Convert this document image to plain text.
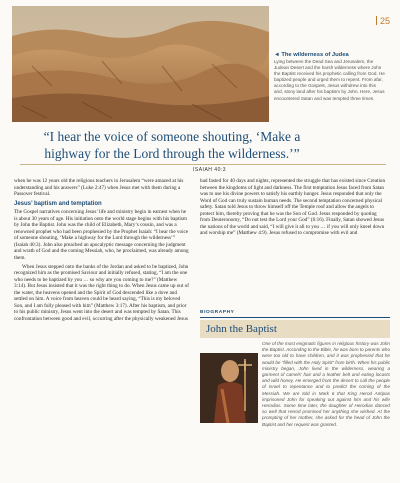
25
◄ The wilderness of Judea
Lying between the Dead Sea and Jerusalem, the Judean Desert and the harsh wilderness where John the Baptist received his prophetic calling from God. He baptized people and urged them to repent. From afar, according to the Gospels, Jesus withdrew into this arid, stony land after his baptism by John. Here, Jesus encountered Satan and was tempted three times.
“I hear the voice of someone shouting, ‘Make a highway for the Lord through the wilderness.’”
ISAIAH 40:3

when he was 12 years old the religious teachers in Jerusalem “were amazed at his understanding and his answers” (Luke 2:47) when Jesus met with them during a Passover festival.

Jesus’ baptism and temptation

The Gospel narratives concerning Jesus’ life and ministry begin in earnest when he is about 30 years of age. His initiation onto the world stage begins with his baptism by John the Baptist. John was the child of Elizabeth, Mary’s cousin, and was a renowned prophet who had been prophesied by the Prophet Isaiah: “I hear the voice of someone shouting, ‘Make a highway for the Lord through the wilderness’” (Isaiah 40:3). John also preached an apocalyptic message concerning the judgment and wrath of God and the coming Messiah, who, he proclaimed, was already among them.

When Jesus stepped onto the banks of the Jordan and asked to be baptized, John recognized him as the promised Saviour and initially refused, stating, “I am the one who needs to be baptized by you … so why are you coming to me?” (Matthew 3:14). But Jesus insisted that it was the right thing to do. When Jesus came up out of the water, the heavens opened and the Spirit of God descended like a dove and settled on him. A voice from heaven could be heard saying, “This is my beloved Son, and I am fully pleased with him” (Matthew 3:17). After his baptism, and prior to his public ministry, Jesus went into the desert and was tempted by Satan. This confrontation between good and evil, occurring after the physically weakened Jesus

had fasted for 40 days and nights, represented the struggle that has existed since Creation between the kingdoms of light and darkness. The first temptation Jesus faced from Satan was to use his divine powers to satisfy his earthly hunger. Jesus responded that only the Word of God can truly sustain human needs. The second temptation concerned physical safety. Satan told Jesus to throw himself off the Temple roof and allow the angels to protect him, thereby proving that he was the Son of God. Jesus responded by quoting from Deuteronomy, “Do not test the Lord your God” (6:16). Finally, Satan showed Jesus the nations of the world and said, “I will give it all to you … if you will only kneel down and worship me” (Matthew 4:9). Jesus refused to compromise with evil and

BIOGRAPHY
John the Baptist
One of the most enigmatic figures in religious history was John the Baptist. According to the Bible, he was born to parents who were too old to have children, and it was prophesied that he would be “filled with the Holy Spirit” from birth. When his public ministry began, John lived in the wilderness, wearing a garment of camels’ hair and a leather belt and eating locusts and wild honey. He emerged from the desert to call the people of Israel to repentance and to predict the coming of the Messiah. We are told in Mark 6 that King Herod Antipas imprisoned John for speaking out against him and his wife Herodias. Some time later, the daughter of Herodias danced so well that Herod promised her anything she wished. At the prompting of her mother, she asked for the head of John the Baptist and her request was granted.
